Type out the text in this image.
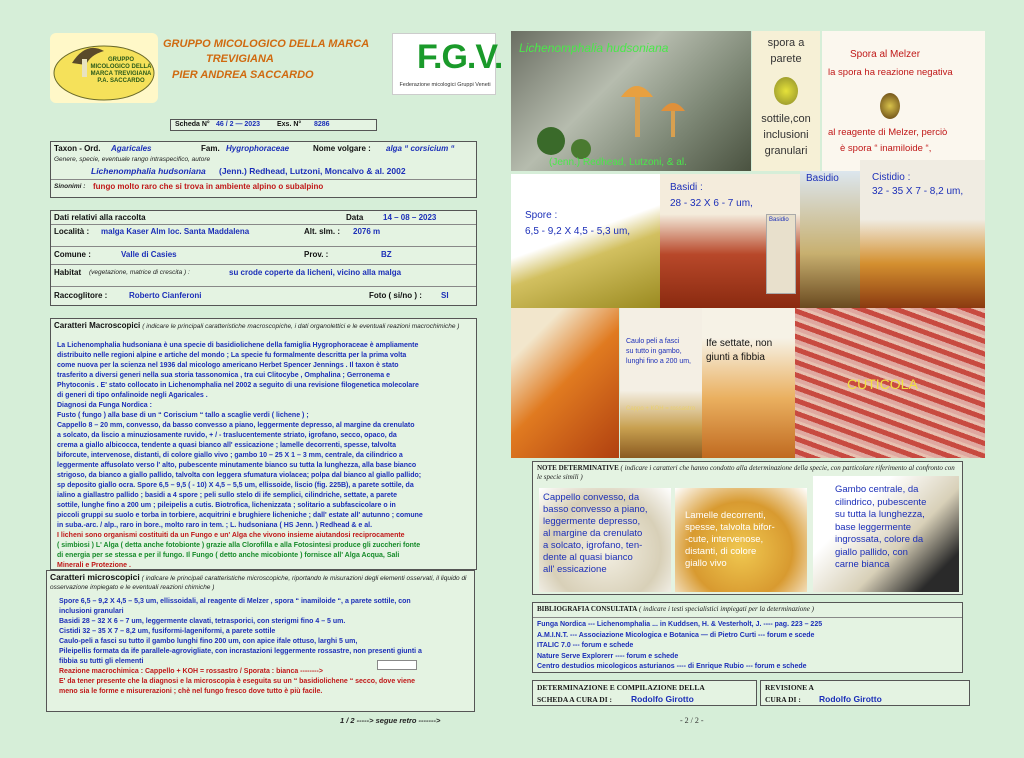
GRUPPO MICOLOGICO DELLA MARCA TREVIGIANA P.A. SACCARDO
GRUPPO MICOLOGICO DELLA MARCA
TREVIGIANA
PIER ANDREA SACCARDO	F.G.V.
Federazione micologici Gruppi Veneti
Scheda N° 46 / 2 — 2023 Exs. N° 8286
Taxon - Ord. Agaricales	Fam. Hygrophoraceae	Nome volgare : alga “ corsicium “
Genere, specie, eventuale rango intraspecifico, autore
Lichenomphalia hudsoniana (Jenn.) Redhead, Lutzoni, Moncalvo & al. 2002
Sinonimi : fungo molto raro che si trova in ambiente alpino o subalpino
Dati relativi alla raccolta	Data 14 – 08 – 2023
Località : malga Kaser Alm loc. Santa Maddalena	Alt. slm. : 2076 m
Comune :	Valle di Casies	Prov. :	BZ
Habitat (vegetazione, matrice di crescita ) :	su crode coperte da licheni, vicino alla malga
Raccoglitore :	Roberto Cianferoni	Foto ( si/no ) : SI
Caratteri Macroscopici ( indicare le principali caratteristiche macroscopiche, i dati organolettici e le eventuali reazioni macrochimiche )
La Lichenomphalia hudsoniana è una specie di basidiolichene della famiglia Hygrophoraceae è ampliamente
distribuito nelle regioni alpine e artiche del mondo ; La specie fu formalmente descritta per la prima volta
come nuova per la scienza nel 1936 dal micologo americano Herbet Spencer Jennings . Il taxon è stato
trasferito a diversi generi nella sua storia tassonomica , tra cui Clitocybe , Omphalina ; Gerronema e
Phytoconis . E' stato collocato in Lichenomphalia nel 2002 a seguito di una revisione filogenetica molecolare
di generi di tipo onfalinoide negli Agaricales .
Diagnosi da Funga Nordica :
Fusto ( fungo ) alla base di un “ Coriscium “ tallo a scaglie verdi ( lichene ) ;
Cappello 8 – 20 mm, convesso, da basso convesso a piano, leggermente depresso, al margine da crenulato
a solcato, da liscio a minuziosamente ruvido, + / - traslucentemente striato, igrofano, secco, opaco, da
crema a giallo albicocca, tendente a quasi bianco all' essicazione ; lamelle decorrenti, spesse, talvolta
biforcute, intervenose, distanti, di colore giallo vivo ; gambo 10 – 25 X 1 – 3 mm, centrale, da cilindrico a
leggermente affusolato verso l' alto, pubescente minutamente bianco su tutta la lunghezza, alla base bianco
strigoso, da bianco a giallo pallido, talvolta con leggera sfumatura violacea; polpa dal bianco al giallo pallido;
sp deposito giallo ocra. Spore 6,5 – 9,5 ( - 10) X 4,5 – 5,5 um, ellissoide, liscio (fig. 225B), a parete sottile, da
ialino a giallastro pallido ; basidi a 4 spore ; peli sullo stelo di ife semplici, cilindriche, settate, a parete
sottile, lunghe fino a 200 um ; pileipelis a cutis. Biotrofica, lichenizzata ; solitario a subfascicolare o in
piccoli gruppi su suolo e torba in torbiere, acquitrini e brughiere licheniche ; dall' estate all' autunno ; comune
in suba.-arc. / alp., raro in bore., molto raro in tem. ; L. hudsoniana ( HS Jenn. ) Redhead & e al.
I licheni sono organismi costituiti da un Fungo e un' Alga che vivono insieme aiutandosi reciprocamente
( simbiosi ) L' Alga ( detta anche fotobionte ) grazie alla Clorofilla e alla Fotosintesi produce gli zuccheri fonte
di energia per se stessa e per il fungo. Il Fungo ( detto anche micobionte ) fornisce all' Alga Acqua, Sali
Minerali e Protezione .
Caratteri microscopici ( indicare le principali caratteristiche microscopiche, riportando le misurazioni degli elementi osservati, il liquido di osservazione impiegato e le eventuali reazioni chimiche )
Spore 6,5 – 9,2 X 4,5 – 5,3 um, ellissoidali, al reagente di Melzer , spora “ inamiloide “, a parete sottile, con
inclusioni granulari
Basidi 28 – 32 X 6 – 7 um, leggermente clavati, tetrasporici, con sterigmi fino 4 – 5 um.
Cistidi 32 – 35 X 7 – 8,2 um, fusiformi-lageniformi, a parete sottile
Caulo-peli a fasci su tutto il gambo lunghi fino 200 um, con apice ifale ottuso, larghi 5 um,
Pileipellis formata da ife parallele-agrovigliate, con incrastazioni leggermente rossastre, non presenti giunti a
fibbia su tutti gli elementi
Reazione macrochimica : Cappello + KOH = rossastro / Sporata : bianca -------->
E' da tener presente che la diagnosi e la microscopia è eseguita su un “ basidiolichene “ secco, dove viene
meno sia le forme e misurerazioni ; chè nel fungo fresco dove tutto è più facile.
1 / 2 -----> segue retro ------->
Lichenomphalia hudsoniana
(Jenn.) Redhead, Lutzoni, & al.
spora a
parete
sottile,con
inclusioni
granulari
Spora al Melzer
la spora ha reazione negativa
al reagente di Melzer, perciò
è spora “ inamiloide “,
Spore :
6,5 - 9,2 X 4,5 - 5,3 um,
Basidi :
28 - 32 X 6 - 7 um,
Basidio
Basidio	Cistidio :
32 - 35 X 7 - 8,2 um,
Caulo peli a fasci
su tutto in gambo,
lunghi fino a 200 um,
Cappo + KOH = rossastro
Ife settate, non
giunti a fibbia
CUTICOLA
NOTE DETERMINATIVE ( indicare i caratteri che hanno condotto alla determinazione della specie, con particolare riferimento al confronto con le specie simili )
Cappello convesso, da
basso convesso a piano,
leggermente depresso,
al margine da crenulato
a solcato, igrofano, ten-
dente al quasi bianco
all' essicazione
Lamelle decorrenti,
spesse, talvolta bifor-
-cute, intervenose,
distanti, di colore
giallo vivo
Gambo centrale, da
cilindrico, pubescente
su tutta la lunghezza,
base leggermente
ingrossata, colore da
giallo pallido, con
carne bianca
BIBLIOGRAFIA CONSULTATA ( indicare i testi specialistici impiegati per la determinazione )
Funga Nordica --- Lichenomphalia ... in Kuddsen, H. & Vesterholt, J. ---- pag. 223 – 225
A.M.I.N.T. --- Associazione Micologica e Botanica — di Pietro Curti --- forum e scede
ITALIC 7.0 --- forum e schede
Nature Serve Explorerr ---- forum e schede
Centro destudios micologicos asturianos ---- di Enrique Rubio --- forum e schede
DETERMINAZIONE E COMPILAZIONE DELLA
SCHEDA A CURA DI : Rodolfo Girotto
REVISIONE A
CURA DI : Rodolfo Girotto
- 2 / 2 -
